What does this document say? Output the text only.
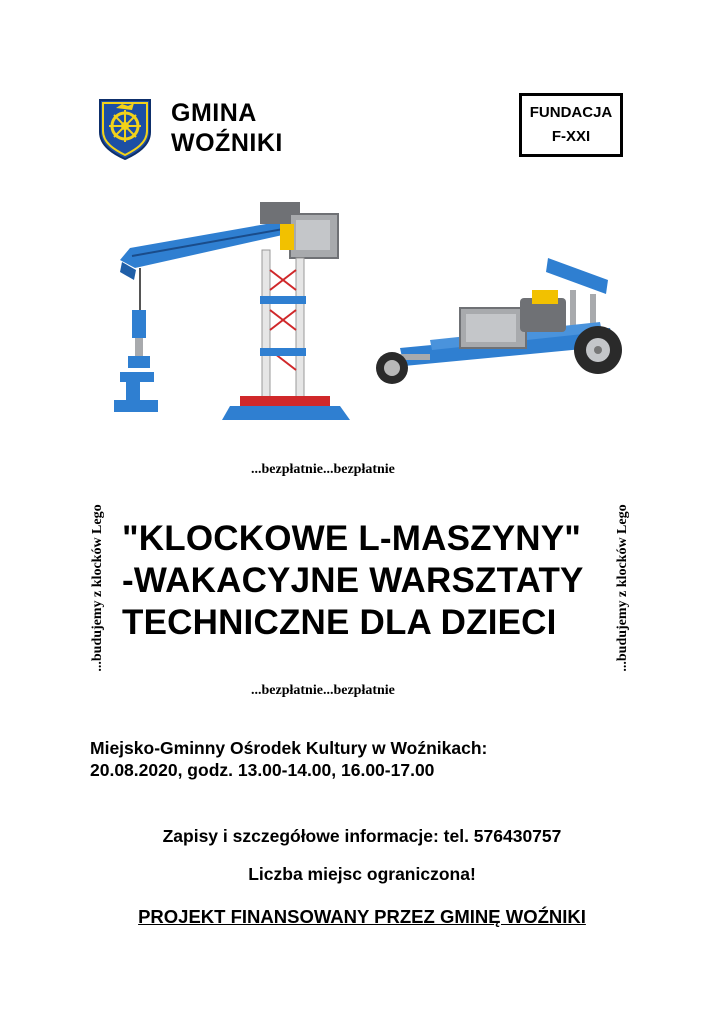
GMINA
WOŹNIKI
FUNDACJA
F-XXI
...bezpłatnie...bezpłatnie
...budujemy z klocków Lego	...budujemy z klocków Lego
"KLOCKOWE L-MASZYNY"
-WAKACYJNE WARSZTATY
TECHNICZNE DLA DZIECI
...bezpłatnie...bezpłatnie
Miejsko-Gminny Ośrodek Kultury w Woźnikach:
20.08.2020, godz. 13.00-14.00, 16.00-17.00
Zapisy i szczegółowe informacje: tel. 576430757
Liczba miejsc ograniczona!
PROJEKT FINANSOWANY PRZEZ GMINĘ WOŹNIKI
